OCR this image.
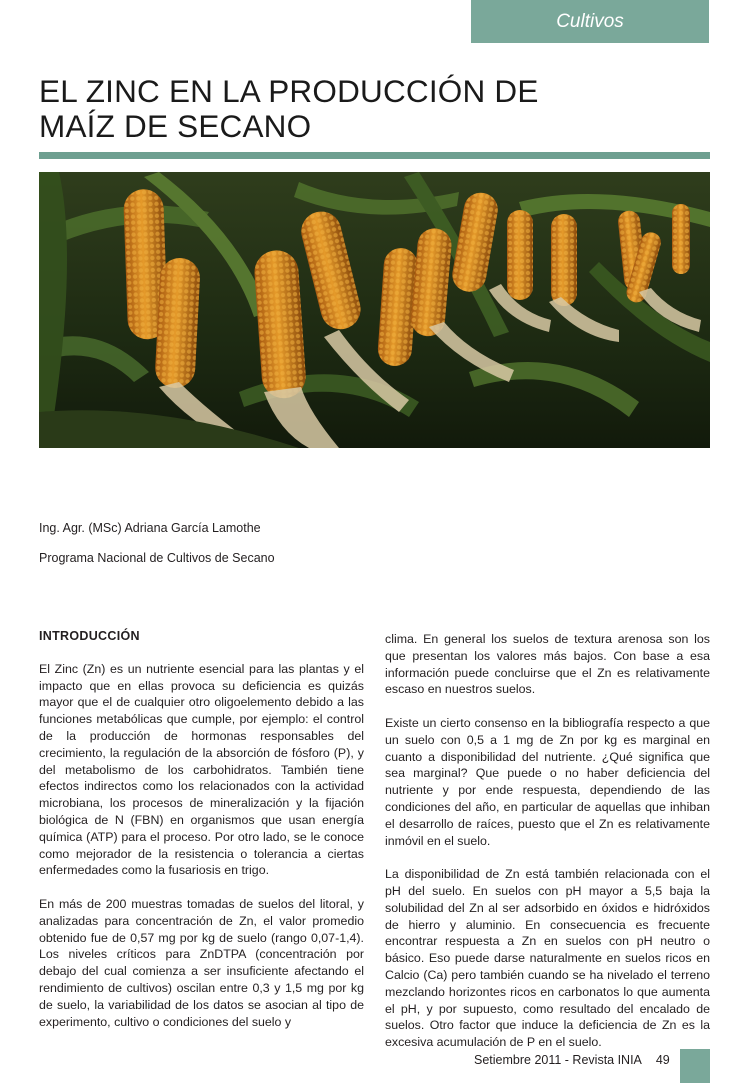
Cultivos
EL ZINC EN LA PRODUCCIÓN DE
MAÍZ DE SECANO
Ing. Agr. (MSc) Adriana García Lamothe
Programa Nacional de Cultivos de Secano
INTRODUCCIÓN

El Zinc (Zn) es un nutriente esencial para las plantas y el impacto que en ellas provoca su deficiencia es quizás mayor que el de cualquier otro oligoelemento debido a las funciones metabólicas que cumple, por ejemplo: el control de la producción de hormonas responsables del crecimiento, la regulación de la absorción de fósforo (P), y del metabolismo de los carbohidratos. También tiene efectos indirectos como los relacionados con la actividad microbiana, los procesos de mineralización y la fijación biológica de N (FBN) en organismos que usan energía química (ATP) para el proceso. Por otro lado, se le conoce como mejorador de la resistencia o tolerancia a ciertas enfermedades como la fusariosis en trigo.

En más de 200 muestras tomadas de suelos del litoral, y analizadas para concentración de Zn, el valor promedio obtenido fue de 0,57 mg por kg de suelo (rango 0,07-1,4). Los niveles críticos para ZnDTPA (concentración por debajo del cual comienza a ser insuficiente afectando el rendimiento de cultivos) oscilan entre 0,3 y 1,5 mg por kg de suelo, la variabilidad de los datos se asocian al tipo de experimento, cultivo o condiciones del suelo y

clima. En general los suelos de textura arenosa son los que presentan los valores más bajos. Con base a esa información puede concluirse que el Zn es relativamente escaso en nuestros suelos.

Existe un cierto consenso en la bibliografía respecto a que un suelo con 0,5 a 1 mg de Zn por kg es marginal en cuanto a disponibilidad del nutriente. ¿Qué significa que sea marginal? Que puede o no haber deficiencia del nutriente y por ende respuesta, dependiendo de las condiciones del año, en particular de aquellas que inhiban el desarrollo de raíces, puesto que el Zn es relativamente inmóvil en el suelo.

La disponibilidad de Zn está también relacionada con el pH del suelo. En suelos con pH mayor a 5,5 baja la solubilidad del Zn al ser adsorbido en óxidos e hidróxidos de hierro y aluminio. En consecuencia es frecuente encontrar respuesta a Zn en suelos con pH neutro o básico. Eso puede darse naturalmente en suelos ricos en Calcio (Ca) pero también cuando se ha nivelado el terreno mezclando horizontes ricos en carbonatos lo que aumenta el pH, y por supuesto, como resultado del encalado de suelos. Otro factor que induce la deficiencia de Zn es la excesiva acumulación de P en el suelo.

Setiembre 2011 - Revista INIA 49
